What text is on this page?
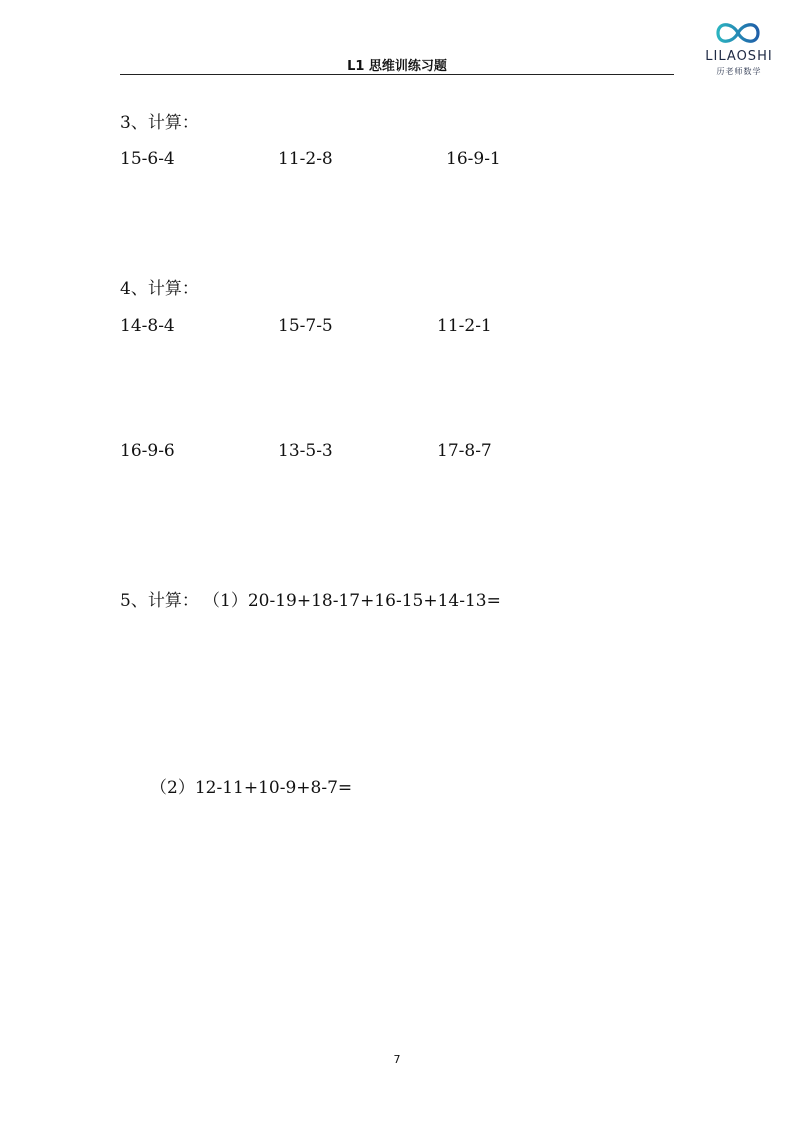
L1 思维训练习题
LILAOSHI
历老师数学
3、计算：
15-6-4	11-2-8	16-9-1
4、计算：
14-8-4	15-7-5	11-2-1
16-9-6	13-5-3	17-8-7
5、计算： （1）20-19+18-17+16-15+14-13=
（2）12-11+10-9+8-7=
7
